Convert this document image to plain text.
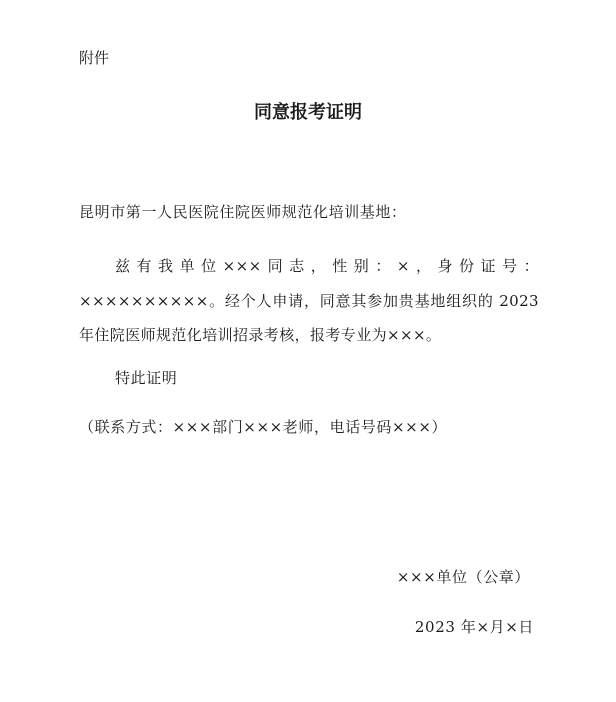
附件
同意报考证明
昆明市第一人民医院住院医师规范化培训基地：

兹有我单位×××同志，性别：×，身份证号： ××××××××××。经个人申请，同意其参加贵基地组织的 2023 年住院医师规范化培训招录考核，报考专业为×××。

特此证明
（联系方式：×××部门×××老师，电话号码×××）
×××单位（公章）
2023 年×月×日
